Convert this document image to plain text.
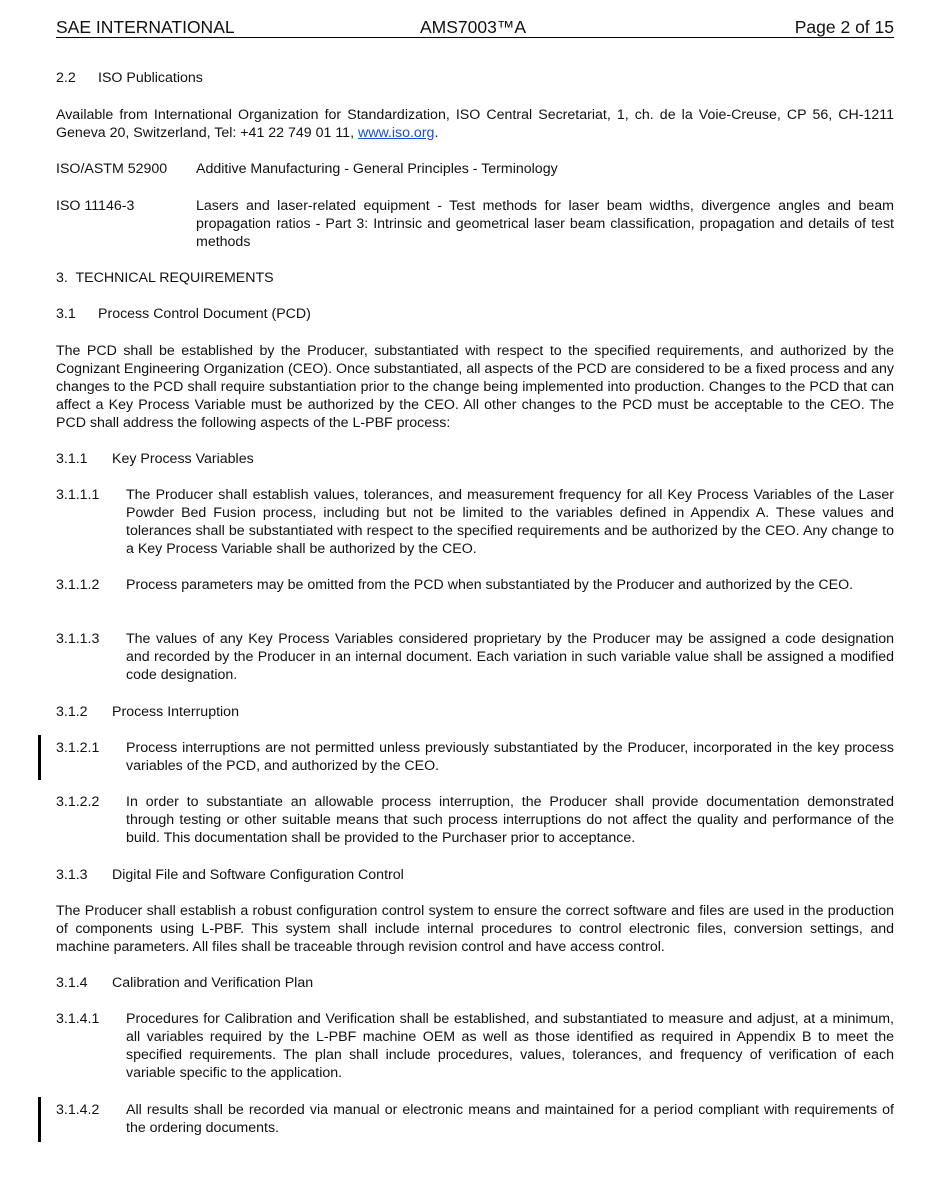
SAE INTERNATIONAL	AMS7003™A	Page 2 of 15
2.2 ISO Publications
Available from International Organization for Standardization, ISO Central Secretariat, 1, ch. de la Voie-Creuse, CP 56, CH-1211 Geneva 20, Switzerland, Tel: +41 22 749 01 11, www.iso.org.
ISO/ASTM 52900 Additive Manufacturing - General Principles - Terminology
ISO 11146-3	Lasers and laser-related equipment - Test methods for laser beam widths, divergence angles and beam propagation ratios - Part 3: Intrinsic and geometrical laser beam classification, propagation and details of test methods
3. TECHNICAL REQUIREMENTS
3.1 Process Control Document (PCD)
The PCD shall be established by the Producer, substantiated with respect to the specified requirements, and authorized by the Cognizant Engineering Organization (CEO). Once substantiated, all aspects of the PCD are considered to be a fixed process and any changes to the PCD shall require substantiation prior to the change being implemented into production. Changes to the PCD that can affect a Key Process Variable must be authorized by the CEO. All other changes to the PCD must be acceptable to the CEO. The PCD shall address the following aspects of the L-PBF process:
3.1.1 Key Process Variables
3.1.1.1 The Producer shall establish values, tolerances, and measurement frequency for all Key Process Variables of the Laser Powder Bed Fusion process, including but not be limited to the variables defined in Appendix A. These values and tolerances shall be substantiated with respect to the specified requirements and be authorized by the CEO. Any change to a Key Process Variable shall be authorized by the CEO.
3.1.1.2 Process parameters may be omitted from the PCD when substantiated by the Producer and authorized by the CEO.
3.1.1.3 The values of any Key Process Variables considered proprietary by the Producer may be assigned a code designation and recorded by the Producer in an internal document. Each variation in such variable value shall be assigned a modified code designation.
3.1.2 Process Interruption
3.1.2.1 Process interruptions are not permitted unless previously substantiated by the Producer, incorporated in the key process variables of the PCD, and authorized by the CEO.
3.1.2.2 In order to substantiate an allowable process interruption, the Producer shall provide documentation demonstrated through testing or other suitable means that such process interruptions do not affect the quality and performance of the build. This documentation shall be provided to the Purchaser prior to acceptance.
3.1.3 Digital File and Software Configuration Control
The Producer shall establish a robust configuration control system to ensure the correct software and files are used in the production of components using L-PBF. This system shall include internal procedures to control electronic files, conversion settings, and machine parameters. All files shall be traceable through revision control and have access control.
3.1.4 Calibration and Verification Plan
3.1.4.1 Procedures for Calibration and Verification shall be established, and substantiated to measure and adjust, at a minimum, all variables required by the L-PBF machine OEM as well as those identified as required in Appendix B to meet the specified requirements. The plan shall include procedures, values, tolerances, and frequency of verification of each variable specific to the application.
3.1.4.2 All results shall be recorded via manual or electronic means and maintained for a period compliant with requirements of the ordering documents.
